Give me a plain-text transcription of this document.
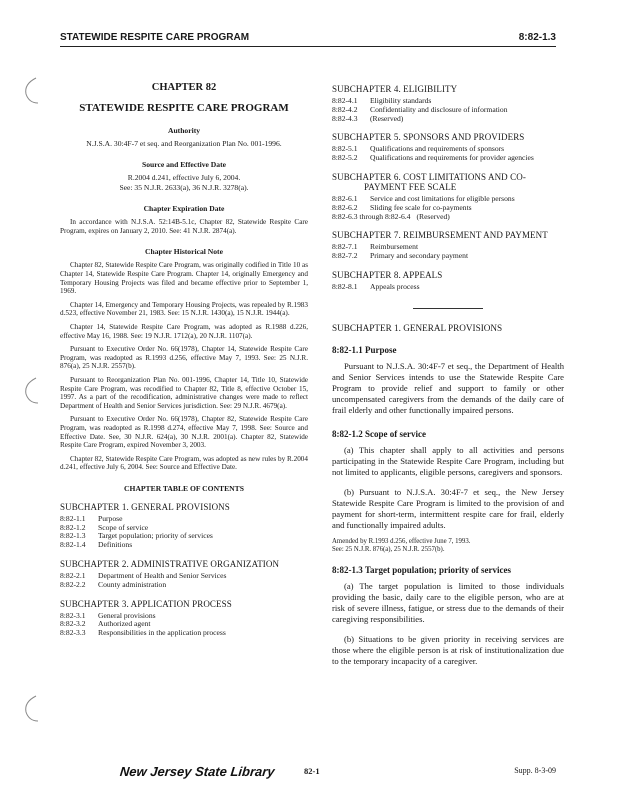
STATEWIDE RESPITE CARE PROGRAM	8:82-1.3
CHAPTER 82
STATEWIDE RESPITE CARE PROGRAM
Authority
N.J.S.A. 30:4F-7 et seq. and Reorganization Plan No. 001-1996.
Source and Effective Date
R.2004 d.241, effective July 6, 2004.
See: 35 N.J.R. 2633(a), 36 N.J.R. 3278(a).
Chapter Expiration Date

In accordance with N.J.S.A. 52:14B-5.1c, Chapter 82, Statewide Respite Care Program, expires on January 2, 2010. See: 41 N.J.R. 2874(a).

Chapter Historical Note

Chapter 82, Statewide Respite Care Program, was originally codified in Title 10 as Chapter 14, Statewide Respite Care Program. Chapter 14, originally Emergency and Temporary Housing Projects was filed and became effective prior to September 1, 1969.

Chapter 14, Emergency and Temporary Housing Projects, was repealed by R.1983 d.523, effective November 21, 1983. See: 15 N.J.R. 1430(a), 15 N.J.R. 1944(a).

Chapter 14, Statewide Respite Care Program, was adopted as R.1988 d.226, effective May 16, 1988. See: 19 N.J.R. 1712(a), 20 N.J.R. 1107(a).

Pursuant to Executive Order No. 66(1978), Chapter 14, Statewide Respite Care Program, was readopted as R.1993 d.256, effective May 7, 1993. See: 25 N.J.R. 876(a), 25 N.J.R. 2557(b).

Pursuant to Reorganization Plan No. 001-1996, Chapter 14, Title 10, Statewide Respite Care Program, was recodified to Chapter 82, Title 8, effective October 15, 1997. As a part of the recodification, administrative changes were made to reflect Department of Health and Senior Services jurisdiction. See: 29 N.J.R. 4679(a).

Pursuant to Executive Order No. 66(1978), Chapter 82, Statewide Respite Care Program, was readopted as R.1998 d.274, effective May 7, 1998. See: Source and Effective Date. See, 30 N.J.R. 624(a), 30 N.J.R. 2001(a). Chapter 82, Statewide Respite Care Program, expired November 3, 2003.

Chapter 82, Statewide Respite Care Program, was adopted as new rules by R.2004 d.241, effective July 6, 2004. See: Source and Effective Date.

CHAPTER TABLE OF CONTENTS
SUBCHAPTER 1. GENERAL PROVISIONS
8:82-1.1	Purpose
8:82-1.2	Scope of service
8:82-1.3	Target population; priority of services
8:82-1.4	Definitions
SUBCHAPTER 2. ADMINISTRATIVE ORGANIZATION
8:82-2.1	Department of Health and Senior Services
8:82-2.2	County administration
SUBCHAPTER 3. APPLICATION PROCESS
8:82-3.1	General provisions
8:82-3.2	Authorized agent
8:82-3.3	Responsibilities in the application process
SUBCHAPTER 4. ELIGIBILITY
8:82-4.1	Eligibility standards
8:82-4.2	Confidentiality and disclosure of information
8:82-4.3	(Reserved)
SUBCHAPTER 5. SPONSORS AND PROVIDERS
8:82-5.1	Qualifications and requirements of sponsors
8:82-5.2	Qualifications and requirements for provider agencies
SUBCHAPTER 6. COST LIMITATIONS AND CO-
PAYMENT FEE SCALE
8:82-6.1	Service and cost limitations for eligible persons
8:82-6.2	Sliding fee scale for co-payments
8:82-6.3 through 8:82-6.4 (Reserved)
SUBCHAPTER 7. REIMBURSEMENT AND PAYMENT
8:82-7.1	Reimbursement
8:82-7.2	Primary and secondary payment
SUBCHAPTER 8. APPEALS
8:82-8.1	Appeals process
SUBCHAPTER 1. GENERAL PROVISIONS
8:82-1.1 Purpose

Pursuant to N.J.S.A. 30:4F-7 et seq., the Department of Health and Senior Services intends to use the Statewide Respite Care Program to provide relief and support to family or other uncompensated caregivers from the demands of the daily care of frail elderly and other functionally impaired persons.

8:82-1.2 Scope of service

(a) This chapter shall apply to all activities and persons participating in the Statewide Respite Care Program, including but not limited to applicants, eligible persons, caregivers and sponsors.

(b) Pursuant to N.J.S.A. 30:4F-7 et seq., the New Jersey Statewide Respite Care Program is limited to the provision of and payment for short-term, intermittent respite care for frail, elderly and functionally impaired adults.

Amended by R.1993 d.256, effective June 7, 1993.
See: 25 N.J.R. 876(a), 25 N.J.R. 2557(b).
8:82-1.3 Target population; priority of services

(a) The target population is limited to those individuals providing the basic, daily care to the eligible person, who are at risk of severe illness, fatigue, or stress due to the demands of their caregiving responsibilities.

(b) Situations to be given priority in receiving services are those where the eligible person is at risk of institutionalization due to the temporary incapacity of a caregiver.

New Jersey State Library	82-1	Supp. 8-3-09
